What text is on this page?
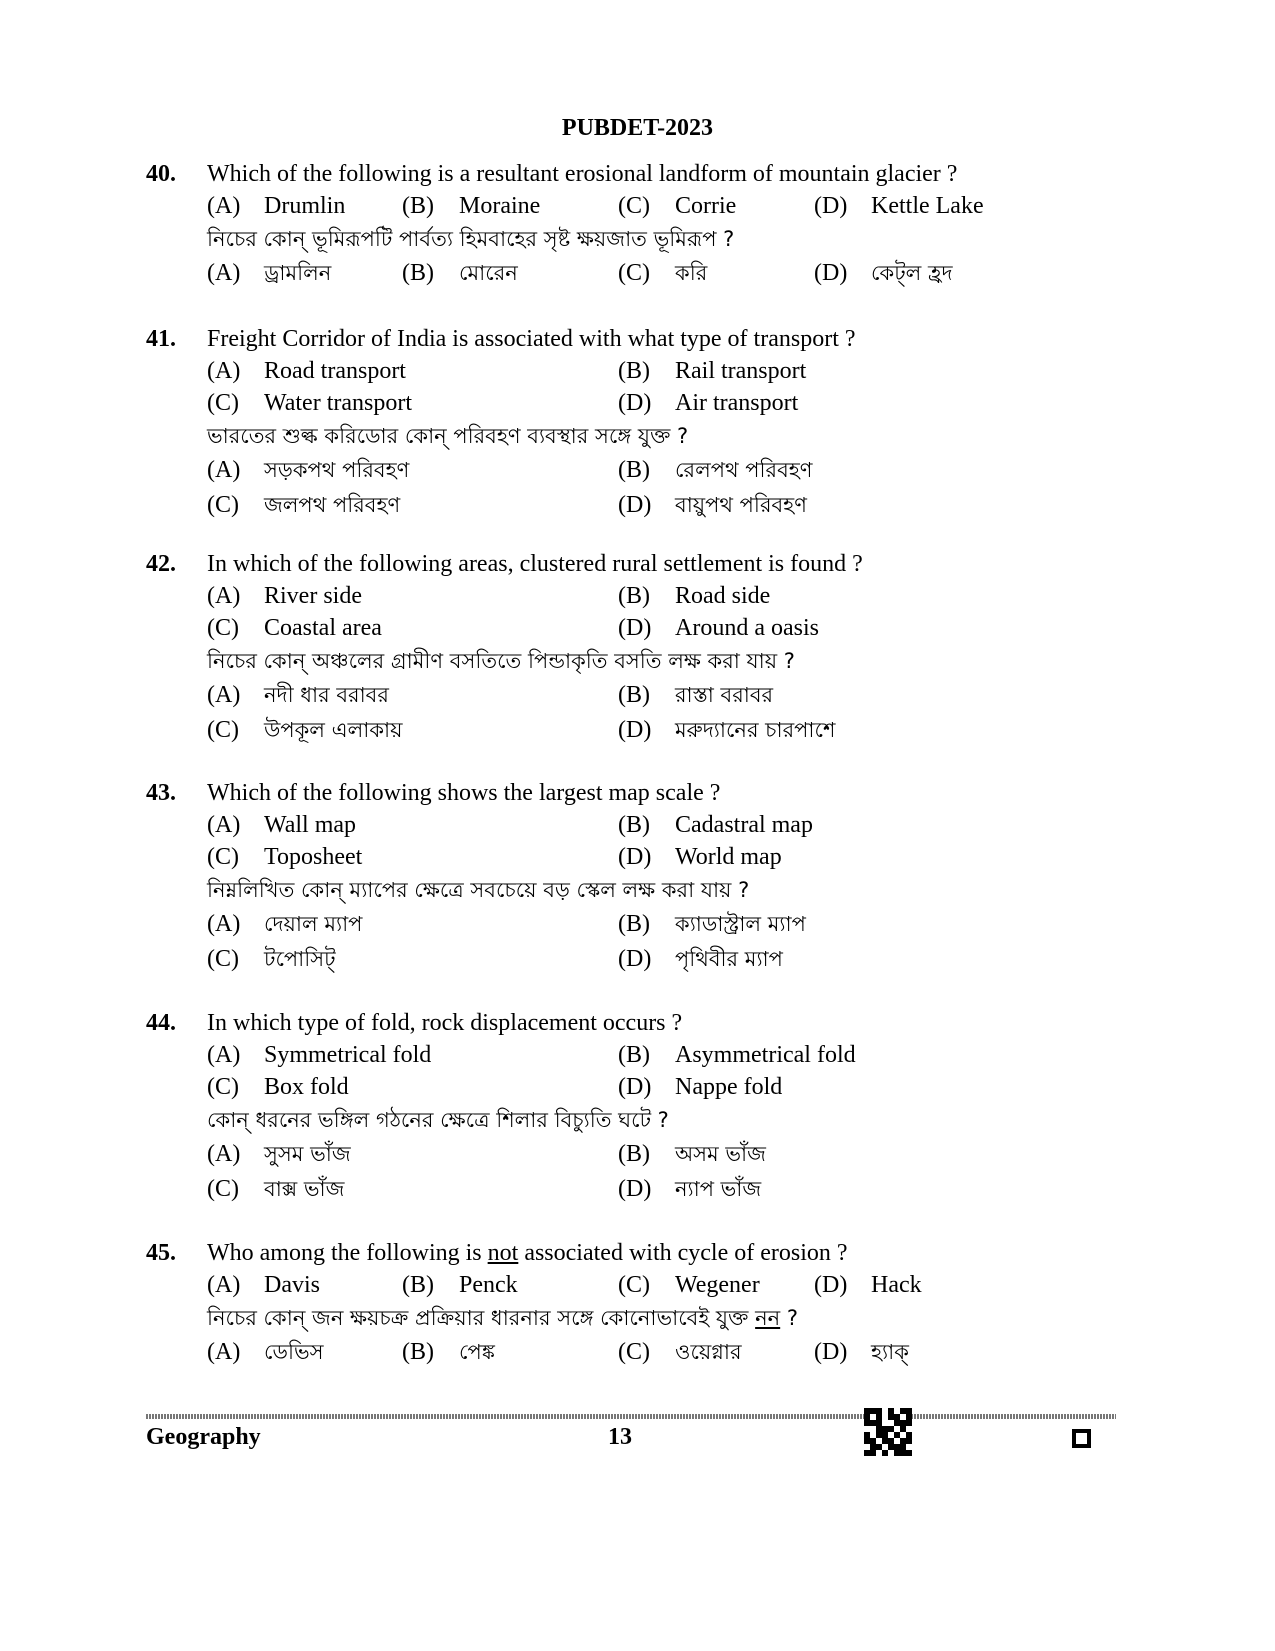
PUBDET-2023
40. Which of the following is a resultant erosional landform of mountain glacier ?
(A) Drumlin (B) Moraine	(C) Corrie	(D) Kettle Lake
নিচের কোন্ ভূমিরূপটি পার্বত্য হিমবাহের সৃষ্ট ক্ষয়জাত ভূমিরূপ ?
(A) ড্রামলিন	(B) মোরেন	(C) করি	(D) কেট্‌ল হ্রদ
41. Freight Corridor of India is associated with what type of transport ?
(A) Road transport	(B) Rail transport
(C) Water transport	(D) Air transport
ভারতের শুল্ক করিডোর কোন্ পরিবহণ ব্যবস্থার সঙ্গে যুক্ত ?
(A) সড়কপথ পরিবহণ	(B) রেলপথ পরিবহণ
(C) জলপথ পরিবহণ	(D) বায়ুপথ পরিবহণ
42. In which of the following areas, clustered rural settlement is found ?
(A) River side	(B) Road side
(C) Coastal area	(D) Around a oasis
নিচের কোন্ অঞ্চলের গ্রামীণ বসতিতে পিন্ডাকৃতি বসতি লক্ষ করা যায় ?
(A) নদী ধার বরাবর	(B) রাস্তা বরাবর
(C) উপকূল এলাকায়	(D) মরুদ্যানের চারপাশে
43. Which of the following shows the largest map scale ?
(A) Wall map	(B) Cadastral map
(C) Toposheet	(D) World map
নিম্নলিখিত কোন্ ম্যাপের ক্ষেত্রে সবচেয়ে বড় স্কেল লক্ষ করা যায় ?
(A) দেয়াল ম্যাপ	(B) ক্যাডাস্ট্রাল ম্যাপ
(C) টপোসিট্	(D) পৃথিবীর ম্যাপ
44. In which type of fold, rock displacement occurs ?
(A) Symmetrical fold	(B) Asymmetrical fold
(C) Box fold	(D) Nappe fold
কোন্ ধরনের ভঙ্গিল গঠনের ক্ষেত্রে শিলার বিচ্যুতি ঘটে ?
(A) সুসম ভাঁজ	(B) অসম ভাঁজ
(C) বাক্স ভাঁজ	(D) ন্যাপ ভাঁজ
45. Who among the following is not associated with cycle of erosion ?
(A) Davis	(B) Penck	(C) Wegener (D) Hack
নিচের কোন্ জন ক্ষয়চক্র প্রক্রিয়ার ধারনার সঙ্গে কোনোভাবেই যুক্ত নন ?
(A) ডেভিস	(B) পেঙ্ক	(C) ওয়েগ্নার	(D) হ্যাক্
Geography	13
